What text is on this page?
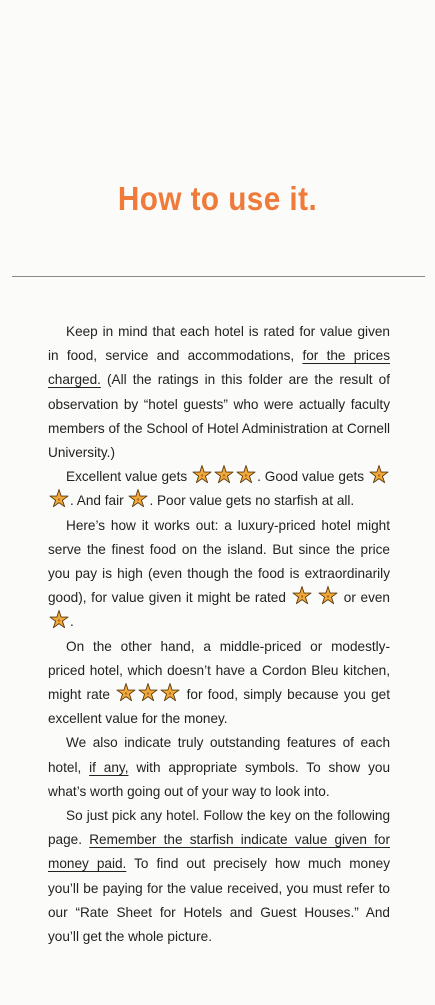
How to use it.

Keep in mind that each hotel is rated for value given in food, service and accommodations, for the prices charged. (All the ratings in this folder are the result of observation by “hotel guests” who were actually faculty members of the School of Hotel Administration at Cornell University.)

Excellent value gets	. Good value gets
. And fair
. Poor value gets no starfish at all.

Here’s how it works out: a luxury-priced hotel might serve the finest food on the island. But since the price you pay is high (even though the food is extraordinarily good), for value given it might be rated
	or even
.

On the other hand, a middle-priced or modestly-priced hotel, which doesn’t have a Cordon Bleu kitchen, might rate	for food, simply because you get excellent value for the money.

We also indicate truly outstanding features of each hotel, if any, with appropriate symbols. To show you what’s worth going out of your way to look into.

So just pick any hotel. Follow the key on the following page. Remember the starfish indicate value given for money paid. To find out precisely how much money you’ll be paying for the value received, you must refer to our “Rate Sheet for Hotels and Guest Houses.” And you’ll get the whole picture.
